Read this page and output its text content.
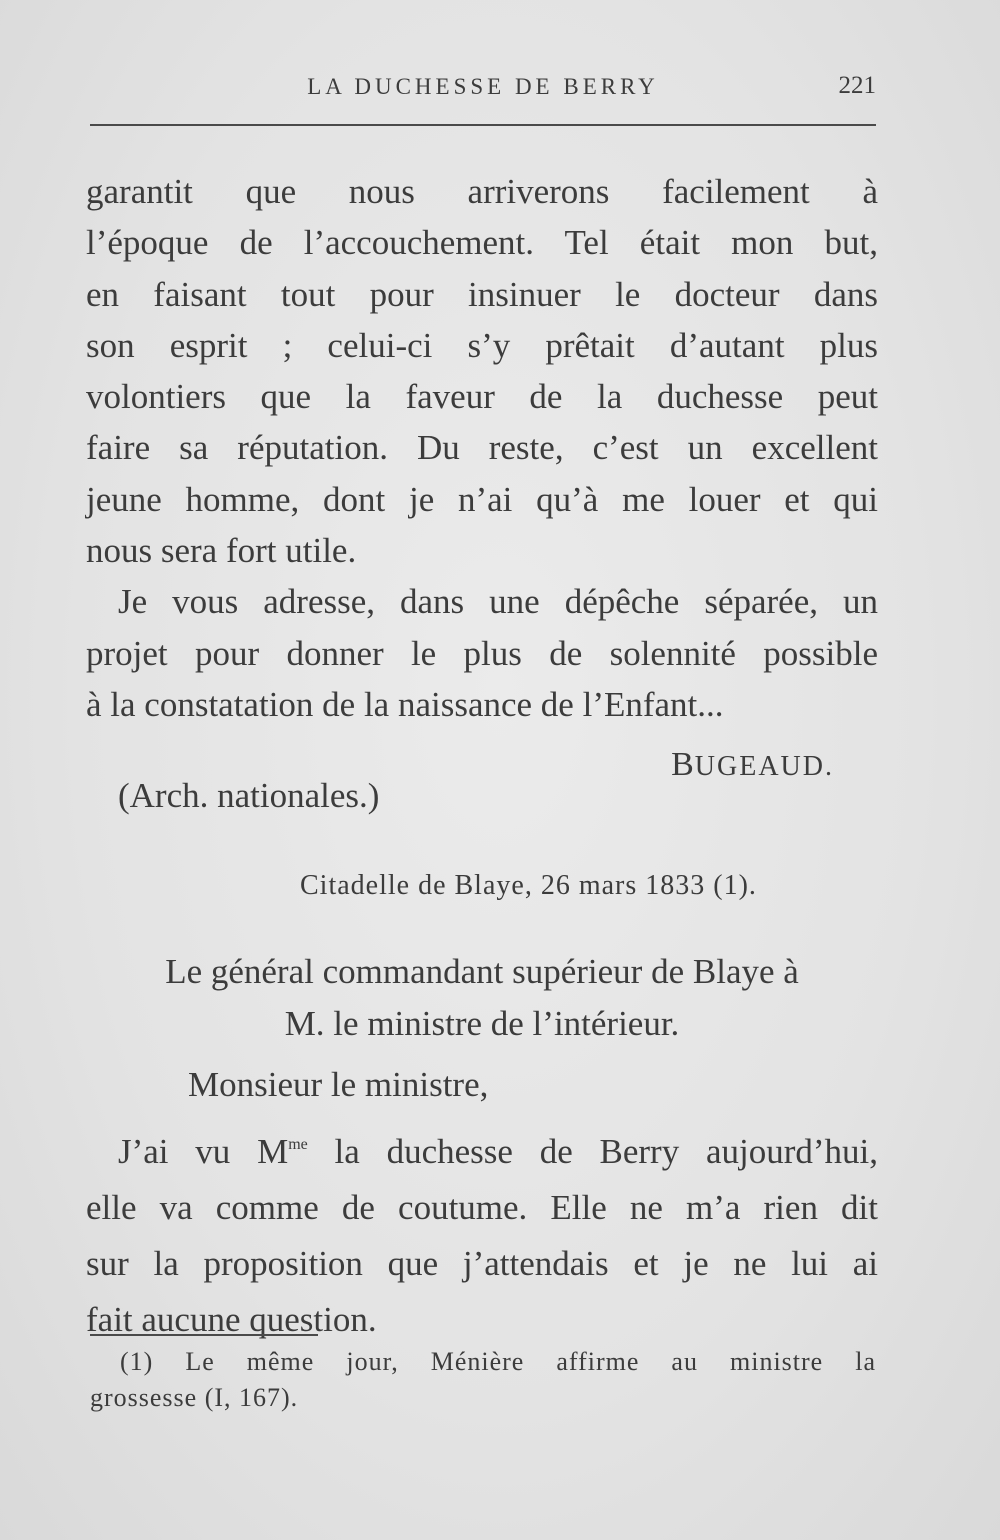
LA DUCHESSE DE BERRY	221
garantit que nous arriverons facilement à
l’époque de l’accouchement. Tel était mon but,
en faisant tout pour insinuer le docteur dans
son esprit ; celui-ci s’y prêtait d’autant plus
volontiers que la faveur de la duchesse peut
faire sa réputation. Du reste, c’est un excellent
jeune homme, dont je n’ai qu’à me louer et qui
nous sera fort utile.
Je vous adresse, dans une dépêche séparée, un
projet pour donner le plus de solennité possible
à la constatation de la naissance de l’Enfant...
BUGEAUD.
(Arch. nationales.)
Citadelle de Blaye, 26 mars 1833 (1).
Le général commandant supérieur de Blaye à
M. le ministre de l’intérieur.
Monsieur le ministre,
J’ai vu $M^{me}$ la duchesse de Berry aujourd’hui,
elle va comme de coutume. Elle ne m’a rien dit
sur la proposition que j’attendais et je ne lui ai
fait aucune question.
(1) Le même jour, Ménière affirme au ministre la
grossesse (I, 167).
